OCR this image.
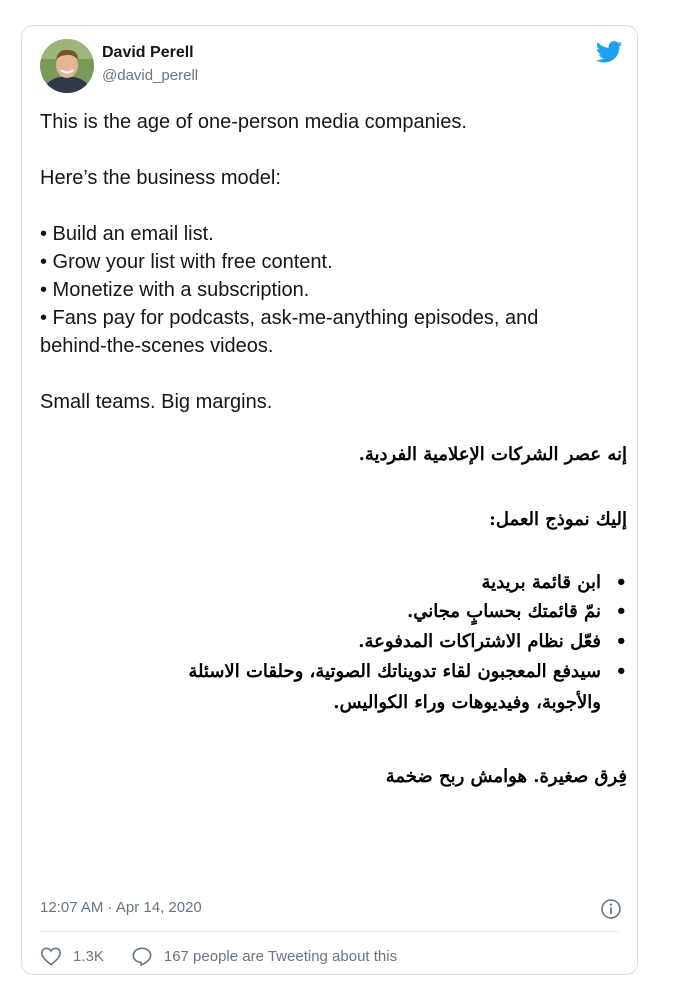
David Perell
@david_perell

This is the age of one-person media companies.

Here’s the business model:

• Build an email list.

• Grow your list with free content.

• Monetize with a subscription.

• Fans pay for podcasts, ask-me-anything episodes, and

behind-the-scenes videos.

Small teams. Big margins.

إنه عصر الشركات الإعلامية الفردية.
إليك نموذج العمل:
• ابن قائمة بريدية
• نمّ قائمتك بحسابٍ مجاني.
• فعّل نظام الاشتراكات المدفوعة.
• سيدفع المعجبون لقاء تدويناتك الصوتية، وحلقات الاسئلة
والأجوبة، وفيديوهات وراء الكواليس.
فِرق صغيرة. هوامش ربح ضخمة
12:07 AM · Apr 14, 2020
1.3K	167 people are Tweeting about this
